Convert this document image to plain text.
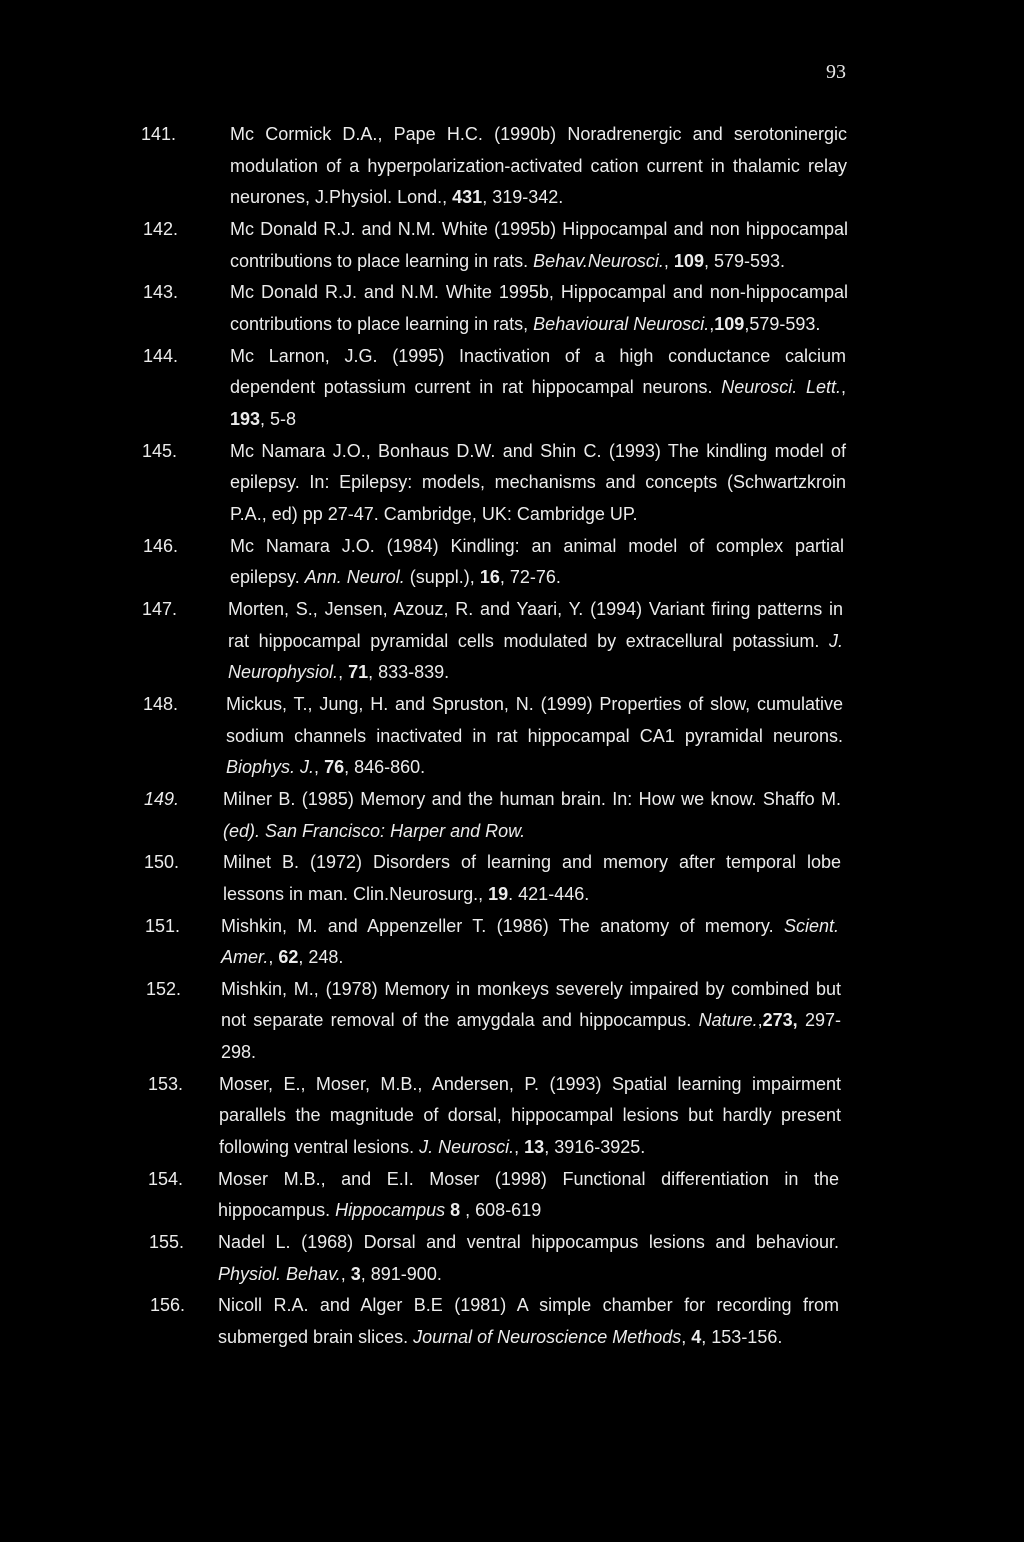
93
141.	Mc Cormick D.A., Pape H.C. (1990b) Noradrenergic and serotoninergic
modulation of a hyperpolarization-activated cation current in thalamic relay
neurones, J.Physiol. Lond., 431, 319-342.
142.	Mc Donald R.J. and N.M. White (1995b) Hippocampal and non hippocampal
contributions to place learning in rats. Behav.Neurosci., 109, 579-593.
143.	Mc Donald R.J. and N.M. White 1995b, Hippocampal and non-hippocampal
contributions to place learning in rats, Behavioural Neurosci.,109,579-593.
144.	Mc Larnon, J.G. (1995) Inactivation of a high conductance calcium
dependent potassium current in rat hippocampal neurons. Neurosci. Lett.,
193, 5-8
145.	Mc Namara J.O., Bonhaus D.W. and Shin C. (1993) The kindling model of
epilepsy. In: Epilepsy: models, mechanisms and concepts (Schwartzkroin
P.A., ed) pp 27-47. Cambridge, UK: Cambridge UP.
146.	Mc Namara J.O. (1984) Kindling: an animal model of complex partial
epilepsy. Ann. Neurol. (suppl.), 16, 72-76.
147.	Morten, S., Jensen, Azouz, R. and Yaari, Y. (1994) Variant firing patterns in
rat hippocampal pyramidal cells modulated by extracellural potassium. J.
Neurophysiol., 71, 833-839.
148.	Mickus, T., Jung, H. and Spruston, N. (1999) Properties of slow, cumulative
sodium channels inactivated in rat hippocampal CA1 pyramidal neurons.
Biophys. J., 76, 846-860.
149. Milner B. (1985) Memory and the human brain. In: How we know. Shaffo M.
(ed). San Francisco: Harper and Row.
150. Milnet B. (1972) Disorders of learning and memory after temporal lobe
lessons in man. Clin.Neurosurg., 19. 421-446.
151. Mishkin, M. and Appenzeller T. (1986) The anatomy of memory. Scient.
Amer., 62, 248.
152. Mishkin, M., (1978) Memory in monkeys severely impaired by combined but
not separate removal of the amygdala and hippocampus. Nature.,273, 297-
298.
153. Moser, E., Moser, M.B., Andersen, P. (1993) Spatial learning impairment
parallels the magnitude of dorsal, hippocampal lesions but hardly present
following ventral lesions. J. Neurosci., 13, 3916-3925.
154. Moser M.B., and E.I. Moser (1998) Functional differentiation in the
hippocampus. Hippocampus 8 , 608-619
155. Nadel L. (1968) Dorsal and ventral hippocampus lesions and behaviour.
Physiol. Behav., 3, 891-900.
156. Nicoll R.A. and Alger B.E (1981) A simple chamber for recording from
submerged brain slices. Journal of Neuroscience Methods, 4, 153-156.
